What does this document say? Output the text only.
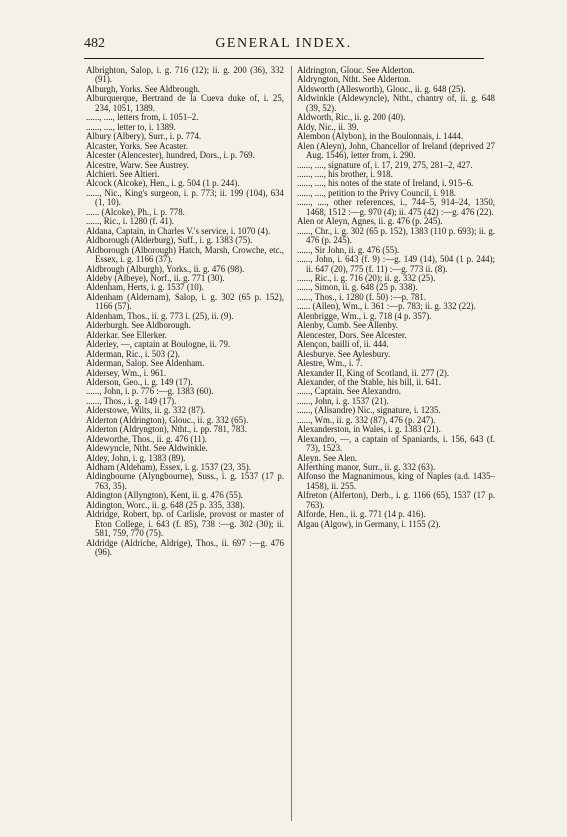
482	GENERAL INDEX.

Albrighton, Salop, i. g. 716 (12); ii. g. 200 (36), 332 (91).

Alburgh, Yorks. See Aldbrough.

Alburquerque, Bertrand de la Cueva duke of, i. 25, 234, 1051, 1389.

......, ...., letters from, i. 1051–2.

......, ...., letter to, i. 1389.

Albury (Albery), Surr., i. p. 774.

Alcaster, Yorks. See Acaster.

Alcester (Alencester), hundred, Dors., i. p. 769.

Alcestre, Warw. See Austrey.

Alchieri. See Altieri.

Alcock (Alcoke), Hen., i. g. 504 (1 p. 244).

......, Nic., King's surgeon, i. p. 773; ii. 199 (104), 634 (1, 10).

...... (Alcoke), Ph., i. p. 778.

......, Ric., i. 1280 (f. 41).

Aldana, Captain, in Charles V.'s service, i. 1070 (4).

Aldborough (Alderburg), Suff., i. g. 1383 (75).

Aldborough (Alborough) Hatch, Marsh, Crowche, etc., Essex, i. g. 1166 (37).

Aldbrough (Alburgh), Yorks., ii. g. 476 (98).

Aldeby (Albeye), Norf., ii. g. 771 (30).

Aldenham, Herts, i. g. 1537 (10).

Aldenham (Aldernam), Salop, i. g. 302 (65 p. 152), 1166 (57).

Aldenham, Thos., ii. g. 773 i. (25), ii. (9).

Alderburgh. See Aldborough.

Alderkar. See Ellerker.

Alderley, —, captain at Boulogne, ii. 79.

Alderman, Ric., i. 503 (2).

Alderman, Salop. See Aldenham.

Aldersey, Wm., i. 961.

Alderson, Geo., i. g. 149 (17).

......, John, i. p. 776 :—g. 1383 (60).

......, Thos., i. g. 149 (17).

Alderstowe, Wilts, ii. g. 332 (87).

Alderton (Aldrington), Glouc., ii. g. 332 (65).

Alderton (Aldryngton), Ntht., i. pp. 781, 783.

Aldeworthe, Thos., ii. g. 476 (11).

Aldewyncle, Ntht. See Aldwinkle.

Aldey, John, i. g. 1383 (89).

Aldham (Aldeham), Essex, i. g. 1537 (23, 35).

Aldingbourne (Alyngbourne), Suss., i. g. 1537 (17 p. 763, 35).

Aldington (Allyngton), Kent, ii. g. 476 (55).

Aldington, Worc., ii. g. 648 (25 p. 335, 338).

Aldridge, Robert, bp. of Carlisle, provost or master of Eton College, i. 643 (f. 85), 738 :—g. 302 (30); ii. 581, 759, 770 (75).

Aldridge (Aldriche, Aldrige), Thos., ii. 697 :—g. 476 (96).

Aldrington, Glouc. See Alderton.

Aldryngton, Ntht. See Alderton.

Aldsworth (Allesworth), Glouc., ii. g. 648 (25).

Aldwinkle (Aldewyncle), Ntht., chantry of, ii. g. 648 (39, 52).

Aldworth, Ric., ii. g. 200 (40).

Aldy, Nic., ii. 39.

Alembon (Alybon), in the Boulonnais, i. 1444.

Alen (Aleyn), John, Chancellor of Ireland (deprived 27 Aug. 1546), letter from, i. 290.

......, ...., signature of, i. 17, 219, 275, 281–2, 427.

......, ...., his brother, i. 918.

......, ...., his notes of the state of Ireland, i. 915–6.

......, ...., petition to the Privy Council, i. 918.

......, ...., other references, i., 744–5, 914–24, 1350, 1468, 1512 :—g. 970 (4); ii. 475 (42) :—g. 476 (22).

Alen or Aleyn, Agnes, ii. g. 476 (p. 245).

......, Chr., i. g. 302 (65 p. 152), 1383 (110 p. 693); ii. g. 476 (p. 245).

......, Sir John, ii. g. 476 (55).

......, John, i. 643 (f. 9) :—g. 149 (14), 504 (1 p. 244); ii. 647 (20), 775 (f. 11) :—g. 773 ii. (8).

......, Ric., i. g. 716 (20); ii. g. 332 (25).

......, Simon, ii. g. 648 (25 p. 338).

......, Thos., i. 1280 (f. 50) :—p. 781.

...... (Allen), Wm., i. 361 :—p. 783; ii. g. 332 (22).

Alenbrigge, Wm., i. g. 718 (4 p. 357).

Alenby, Cumb. See Allenby.

Alencester, Dors. See Alcester.

Alençon, bailli of, ii. 444.

Alesburye. See Aylesbury.

Alestre, Wm., i. 7.

Alexander II, King of Scotland, ii. 277 (2).

Alexander, of the Stable, his bill, ii. 641.

......, Captain. See Alexandro.

......, John, i. g. 1537 (21).

......, (Alisandre) Nic., signature, i. 1235.

......, Wm., ii. g. 332 (87), 476 (p. 247).

Alexanderston, in Wales, i. g. 1383 (21).

Alexandro, —, a captain of Spaniards, i. 156, 643 (f. 73), 1523.

Aleyn. See Alen.

Alferthing manor, Surr., ii. g. 332 (63).

Alfonso the Magnanimous, king of Naples (a.d. 1435–1458), ii. 255.

Alfreton (Alferton), Derb., i. g. 1166 (65), 1537 (17 p. 763).

Alforde, Hen., ii. g. 771 (14 p. 416).

Algau (Algow), in Germany, i. 1155 (2).
